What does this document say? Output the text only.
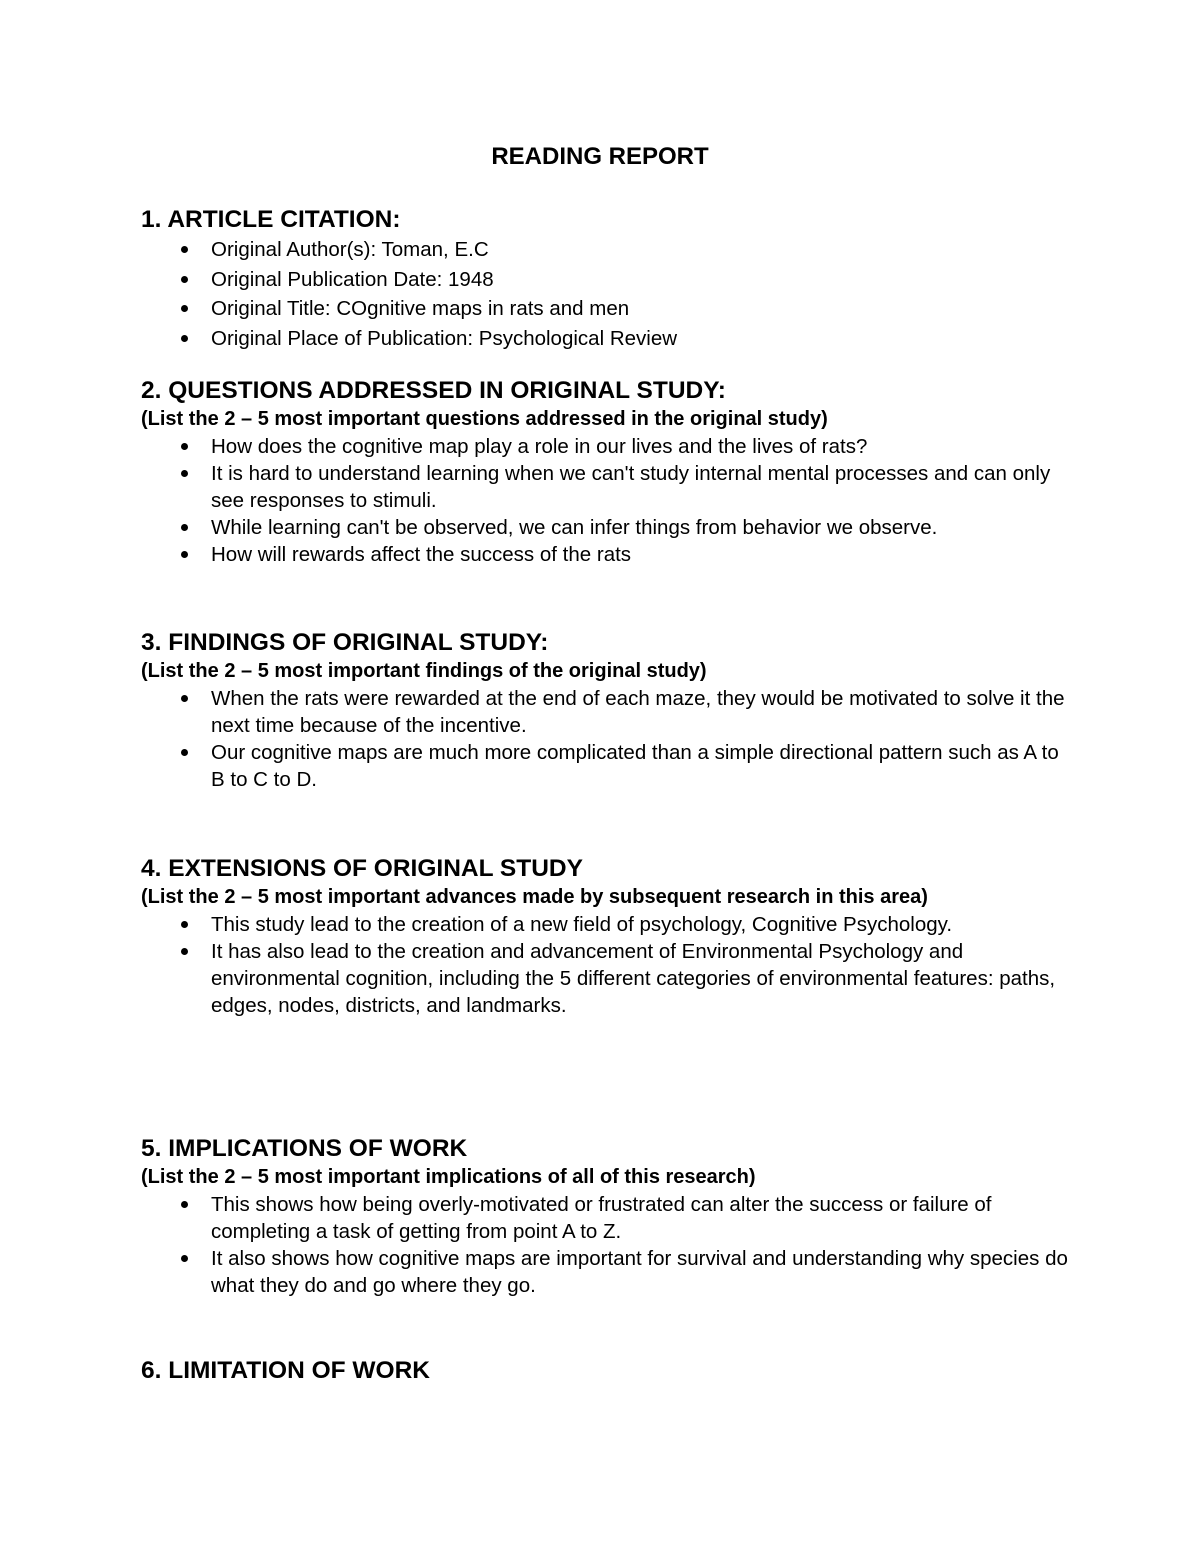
READING REPORT

1. ARTICLE CITATION:

Original Author(s): Toman, E.C
Original Publication Date: 1948
Original Title: COgnitive maps in rats and men
Original Place of Publication: Psychological Review

2. QUESTIONS ADDRESSED IN ORIGINAL STUDY:

(List the 2 – 5 most important questions addressed in the original study)

How does the cognitive map play a role in our lives and the lives of rats?
It is hard to understand learning when we can't study internal mental processes and can only see responses to stimuli.
While learning can't be observed, we can infer things from behavior we observe.
How will rewards affect the success of the rats

3. FINDINGS OF ORIGINAL STUDY:

(List the 2 – 5 most important findings of the original study)

When the rats were rewarded at the end of each maze, they would be motivated to solve it the next time because of the incentive.
Our cognitive maps are much more complicated than a simple directional pattern such as A to B to C to D.

4. EXTENSIONS OF ORIGINAL STUDY

(List the 2 – 5 most important advances made by subsequent research in this area)

This study lead to the creation of a new field of psychology, Cognitive Psychology.
It has also lead to the creation and advancement of Environmental Psychology and environmental cognition, including the 5 different categories of environmental features: paths, edges, nodes, districts, and landmarks.

5. IMPLICATIONS OF WORK

(List the 2 – 5 most important implications of all of this research)

This shows how being overly-motivated or frustrated can alter the success or failure of completing a task of getting from point A to Z.
It also shows how cognitive maps are important for survival and understanding why species do what they do and go where they go.

6. LIMITATION OF WORK
